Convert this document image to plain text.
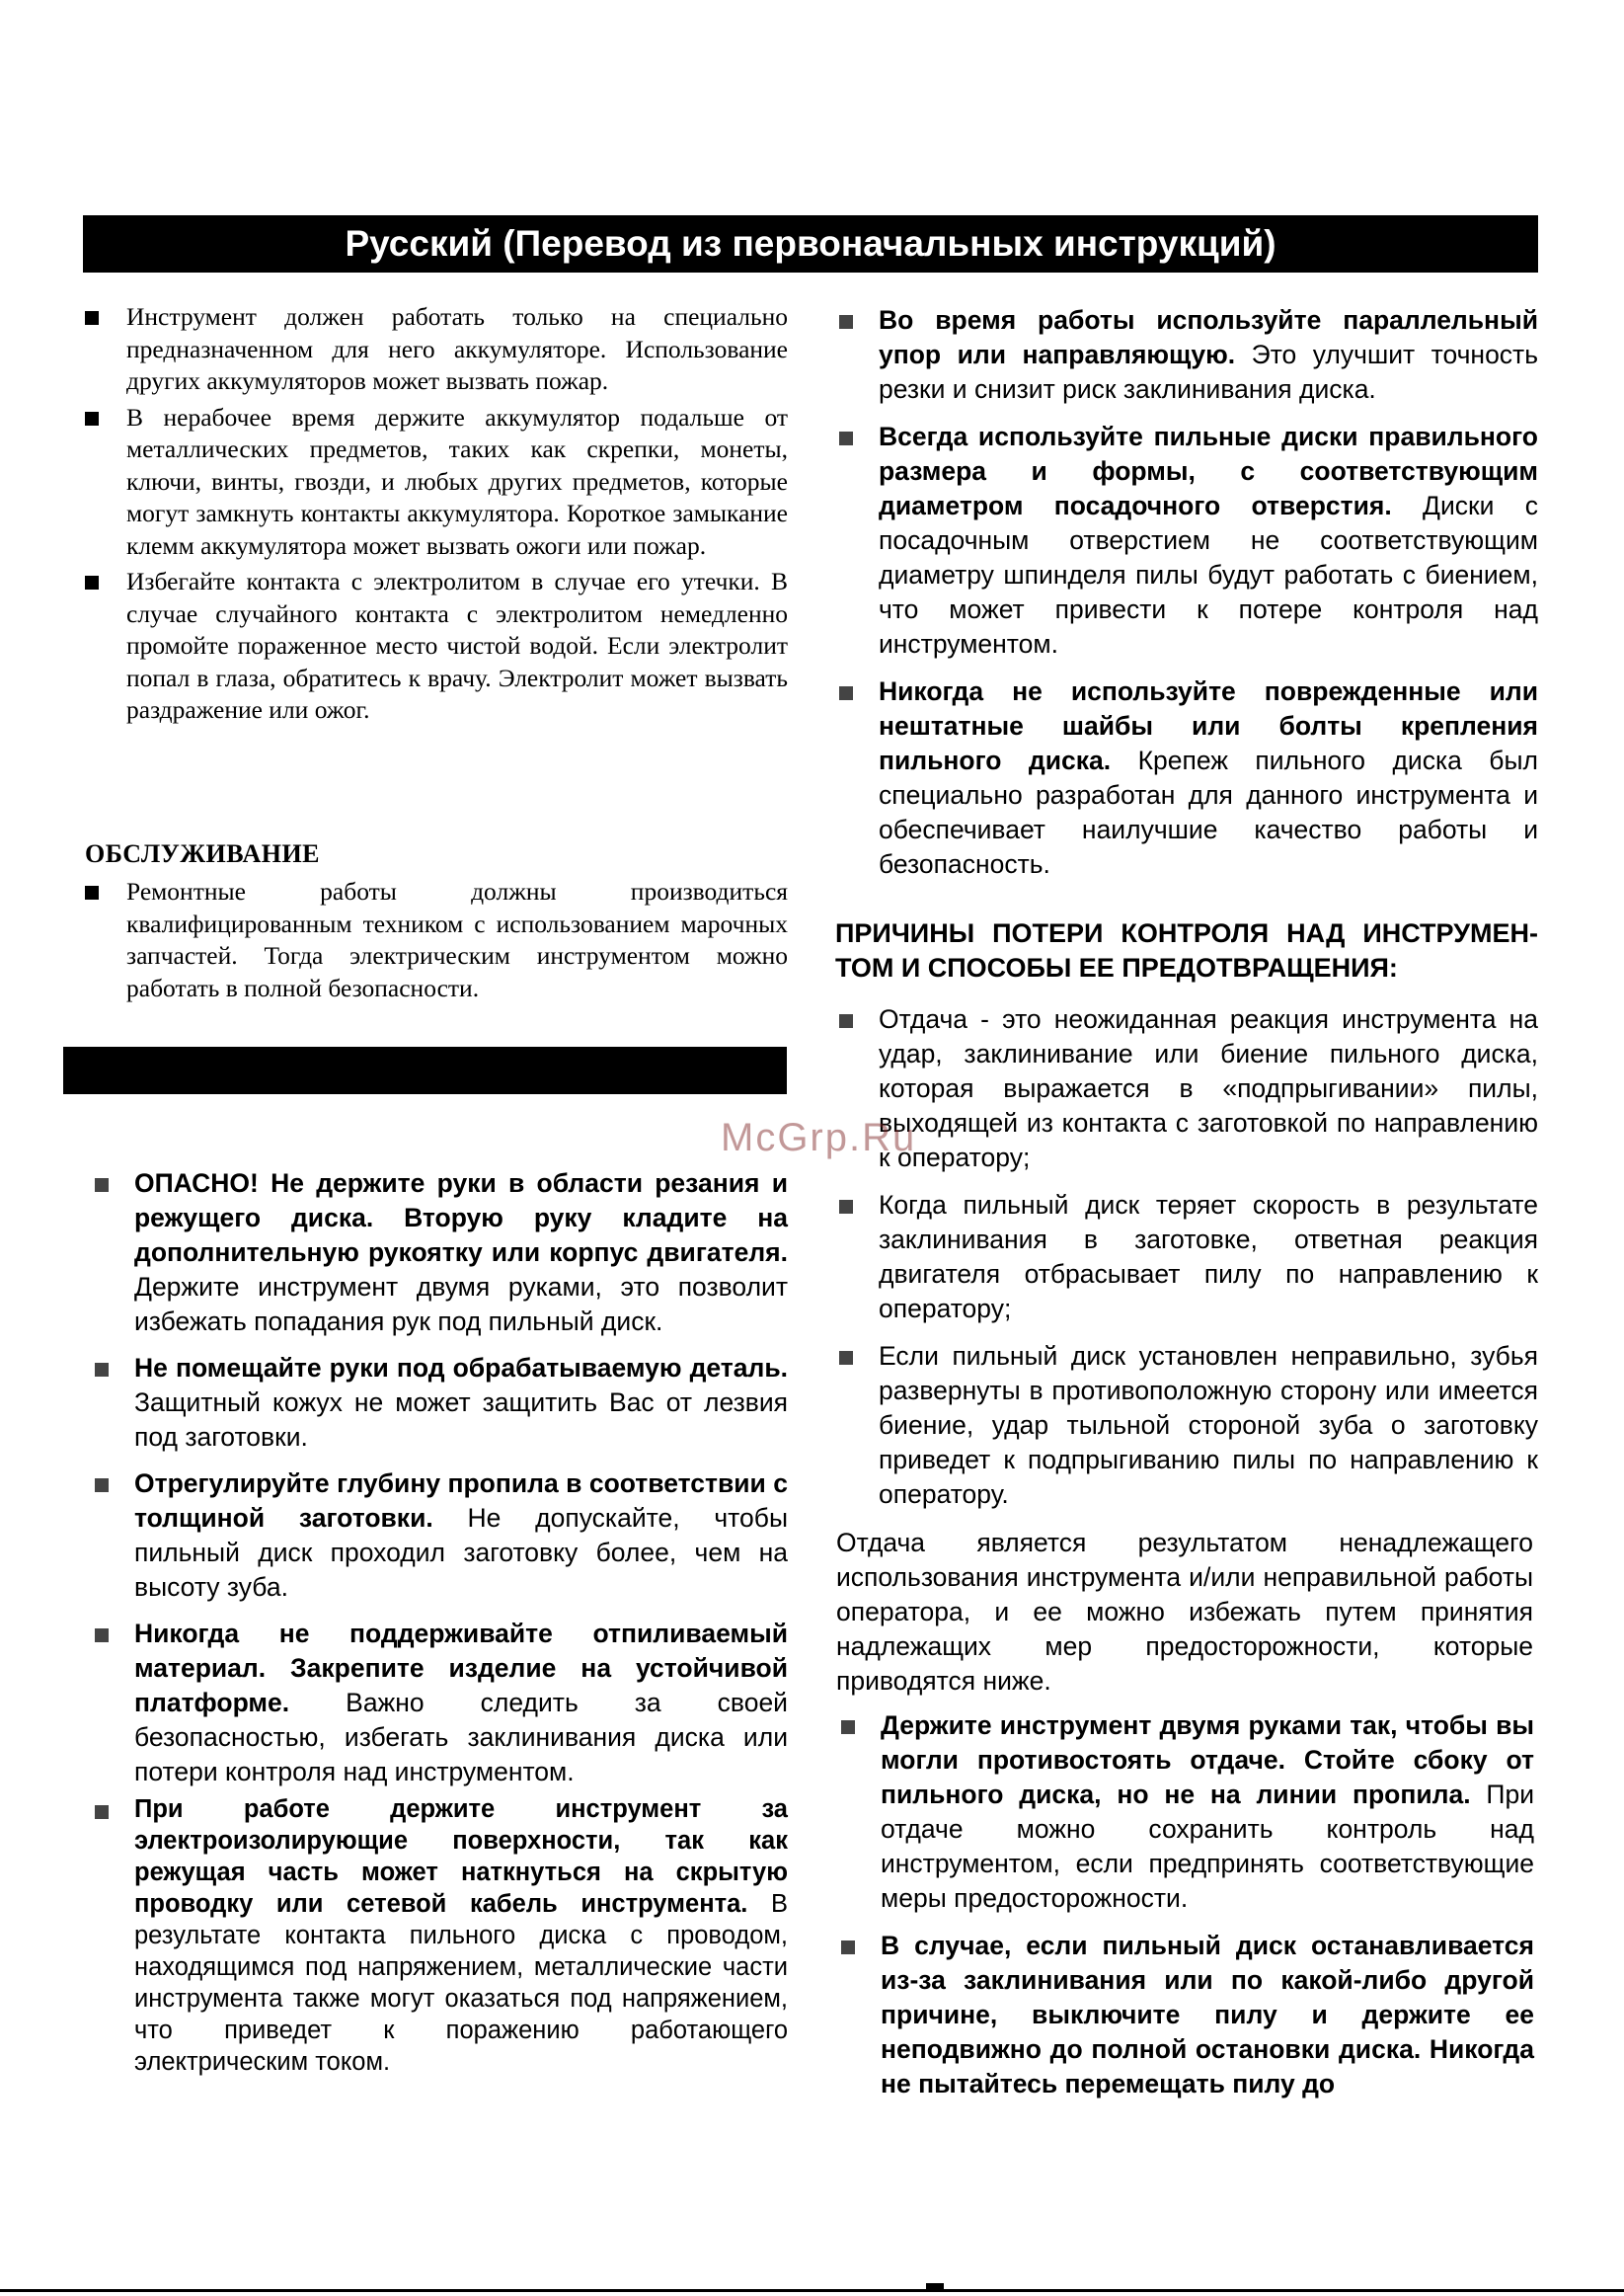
Русский (Перевод из первоначальных инструкций)
Инструмент должен работать только на специально предназначенном для него аккумуляторе. Использование других аккумуляторов может вызвать пожар.
В нерабочее время держите аккумулятор подальше от металлических предметов, таких как скрепки, монеты, ключи, винты, гвозди, и любых других предметов, которые могут замкнуть контакты аккумулятора. Короткое замыкание клемм аккумулятора может вызвать ожоги или пожар.
Избегайте контакта с электролитом в случае его утечки. В случае случайного контакта с электролитом немедленно промойте пораженное место чистой водой. Если электролит попал в глаза, обратитесь к врачу. Электролит может вызвать раздражение или ожог.
ОБСЛУЖИВАНИЕ
Ремонтные работы должны производиться квалифицированным техником с использованием марочных запчастей. Тогда электрическим инструментом можно работать в полной безопасности.
ОПАСНО! Не держите руки в области резания и режущего диска. Вторую руку кладите на дополнительную рукоятку или корпус двигателя. Держите инструмент двумя руками, это позволит избежать попадания рук под пильный диск.
Не помещайте руки под обрабатываемую деталь. Защитный кожух не может защитить Вас от лезвия под заготовки.
Отрегулируйте глубину пропила в соответствии с толщиной заготовки. Не допускайте, чтобы пильный диск проходил заготовку более, чем на высоту зуба.
Никогда не поддерживайте отпиливаемый материал. Закрепите изделие на устойчивой платформе. Важно следить за своей безопасностью, избегать заклинивания диска или потери контроля над инструментом.
При работе держите инструмент за электроизолирующие поверхности, так как режущая часть может наткнуться на скрытую проводку или сетевой кабель инструмента. В результате контакта пильного диска с проводом, находящимся под напряжением, металлические части инструмента также могут оказаться под напряжением, что приведет к поражению работающего электрическим током.
Во время работы используйте параллельный упор или направляющую. Это улучшит точность резки и снизит риск заклинивания диска.
Всегда используйте пильные диски правильного размера и формы, с соответствующим диаметром посадочного отверстия. Диски с посадочным отверстием не соответствующим диаметру шпинделя пилы будут работать с биением, что может привести к потере контроля над инструментом.
Никогда не используйте поврежденные или нештатные шайбы или болты крепления пильного диска. Крепеж пильного диска был специально разработан для данного инструмента и обеспечивает наилучшие качество работы и безопасность.
ПРИЧИНЫ ПОТЕРИ КОНТРОЛЯ НАД ИНСТРУМЕН-ТОМ И СПОСОБЫ ЕЕ ПРЕДОТВРАЩЕНИЯ:
Отдача - это неожиданная реакция инструмента на удар, заклинивание или биение пильного диска, которая выражается в «подпрыгивании» пилы, выходящей из контакта с заготовкой по направлению к оператору;
Когда пильный диск теряет скорость в результате заклинивания в заготовке, ответная реакция двигателя отбрасывает пилу по направлению к оператору;
Если пильный диск установлен неправильно, зубья развернуты в противоположную сторону или имеется биение, удар тыльной стороной зуба о заготовку приведет к подпрыгиванию пилы по направлению к оператору.
Отдача является результатом ненадлежащего использования инструмента и/или неправильной работы оператора, и ее можно избежать путем принятия надлежащих мер предосторожности, которые приводятся ниже.
Держите инструмент двумя руками так, чтобы вы могли противостоять отдаче. Стойте сбоку от пильного диска, но не на линии пропила. При отдаче можно сохранить контроль над инструментом, если предпринять соответствующие меры предосторожности.
В случае, если пильный диск останавливается из-за заклинивания или по какой-либо другой причине, выключите пилу и держите ее неподвижно до полной остановки диска. Никогда не пытайтесь перемещать пилу до
McGrp.Ru
